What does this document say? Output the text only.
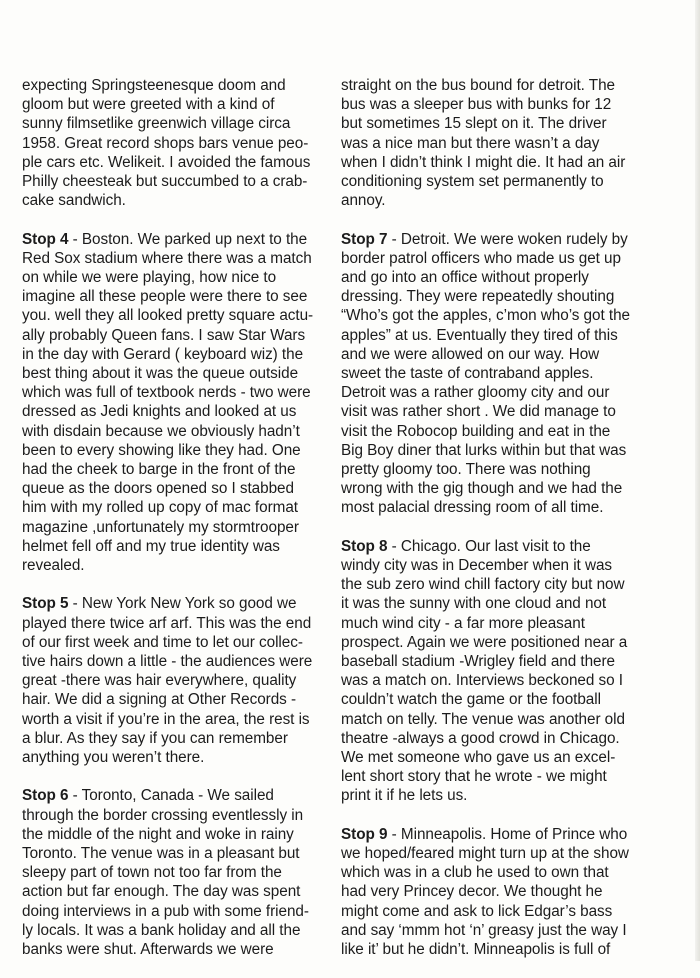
expecting Springsteenesque doom and
gloom but were greeted with a kind of
sunny filmsetlike greenwich village circa
1958. Great record shops bars venue peo-
ple cars etc. Welikeit. I avoided the famous
Philly cheesteak but succumbed to a crab-
cake sandwich.
Stop 4 - Boston. We parked up next to the
Red Sox stadium where there was a match
on while we were playing, how nice to
imagine all these people were there to see
you. well they all looked pretty square actu-
ally probably Queen fans. I saw Star Wars
in the day with Gerard ( keyboard wiz) the
best thing about it was the queue outside
which was full of textbook nerds - two were
dressed as Jedi knights and looked at us
with disdain because we obviously hadn’t
been to every showing like they had. One
had the cheek to barge in the front of the
queue as the doors opened so I stabbed
him with my rolled up copy of mac format
magazine ,unfortunately my stormtrooper
helmet fell off and my true identity was
revealed.
Stop 5 - New York New York so good we
played there twice arf arf. This was the end
of our first week and time to let our collec-
tive hairs down a little - the audiences were
great -there was hair everywhere, quality
hair. We did a signing at Other Records -
worth a visit if you’re in the area, the rest is
a blur. As they say if you can remember
anything you weren’t there.
Stop 6 - Toronto, Canada - We sailed
through the border crossing eventlessly in
the middle of the night and woke in rainy
Toronto. The venue was in a pleasant but
sleepy part of town not too far from the
action but far enough. The day was spent
doing interviews in a pub with some friend-
ly locals. It was a bank holiday and all the
banks were shut. Afterwards we were
straight on the bus bound for detroit. The
bus was a sleeper bus with bunks for 12
but sometimes 15 slept on it. The driver
was a nice man but there wasn’t a day
when I didn’t think I might die. It had an air
conditioning system set permanently to
annoy.
Stop 7 - Detroit. We were woken rudely by
border patrol officers who made us get up
and go into an office without properly
dressing. They were repeatedly shouting
“Who’s got the apples, c’mon who’s got the
apples” at us. Eventually they tired of this
and we were allowed on our way. How
sweet the taste of contraband apples.
Detroit was a rather gloomy city and our
visit was rather short . We did manage to
visit the Robocop building and eat in the
Big Boy diner that lurks within but that was
pretty gloomy too. There was nothing
wrong with the gig though and we had the
most palacial dressing room of all time.
Stop 8 - Chicago. Our last visit to the
windy city was in December when it was
the sub zero wind chill factory city but now
it was the sunny with one cloud and not
much wind city - a far more pleasant
prospect. Again we were positioned near a
baseball stadium -Wrigley field and there
was a match on. Interviews beckoned so I
couldn’t watch the game or the football
match on telly. The venue was another old
theatre -always a good crowd in Chicago.
We met someone who gave us an excel-
lent short story that he wrote - we might
print it if he lets us.
Stop 9 - Minneapolis. Home of Prince who
we hoped/feared might turn up at the show
which was in a club he used to own that
had very Princey decor. We thought he
might come and ask to lick Edgar’s bass
and say ‘mmm hot ‘n’ greasy just the way I
like it’ but he didn’t. Minneapolis is full of
